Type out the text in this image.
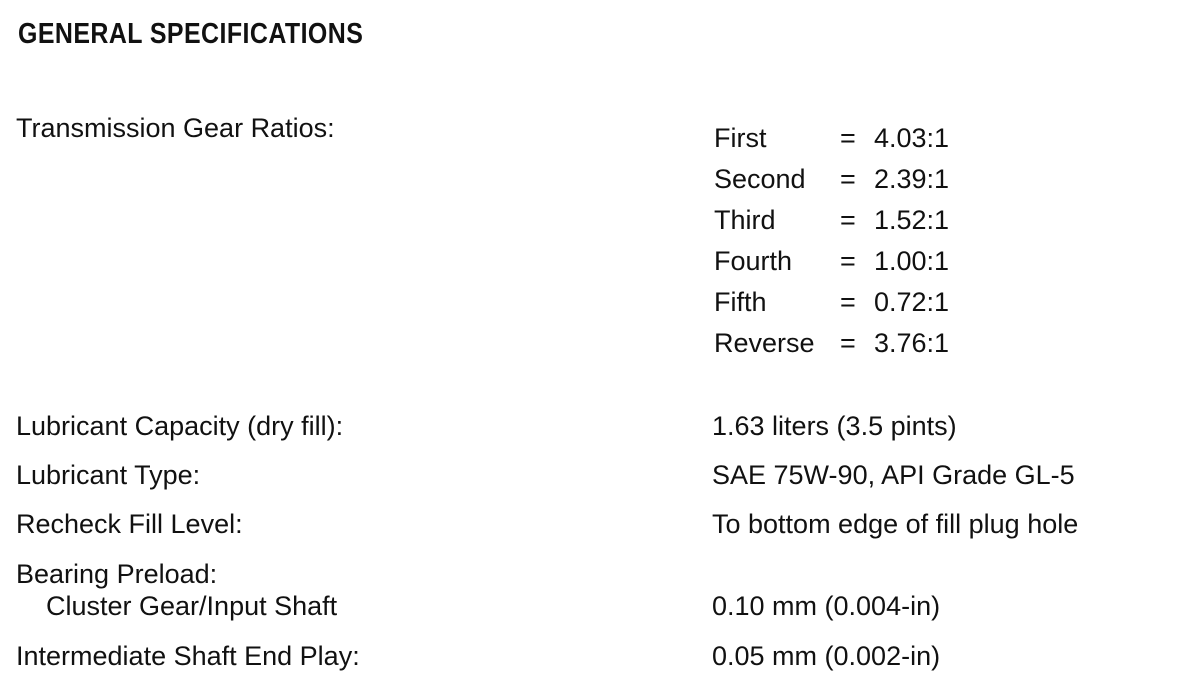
GENERAL SPECIFICATIONS
Transmission Gear Ratios:	First	= 4.03:1
Second	= 2.39:1
Third	= 1.52:1
Fourth	= 1.00:1
Fifth	= 0.72:1
Reverse = 3.76:1
Lubricant Capacity (dry fill):	1.63 liters (3.5 pints)
Lubricant Type:	SAE 75W-90, API Grade GL-5
Recheck Fill Level:	To bottom edge of fill plug hole
Bearing Preload:
Cluster Gear/Input Shaft	0.10 mm (0.004-in)
Intermediate Shaft End Play:	0.05 mm (0.002-in)
